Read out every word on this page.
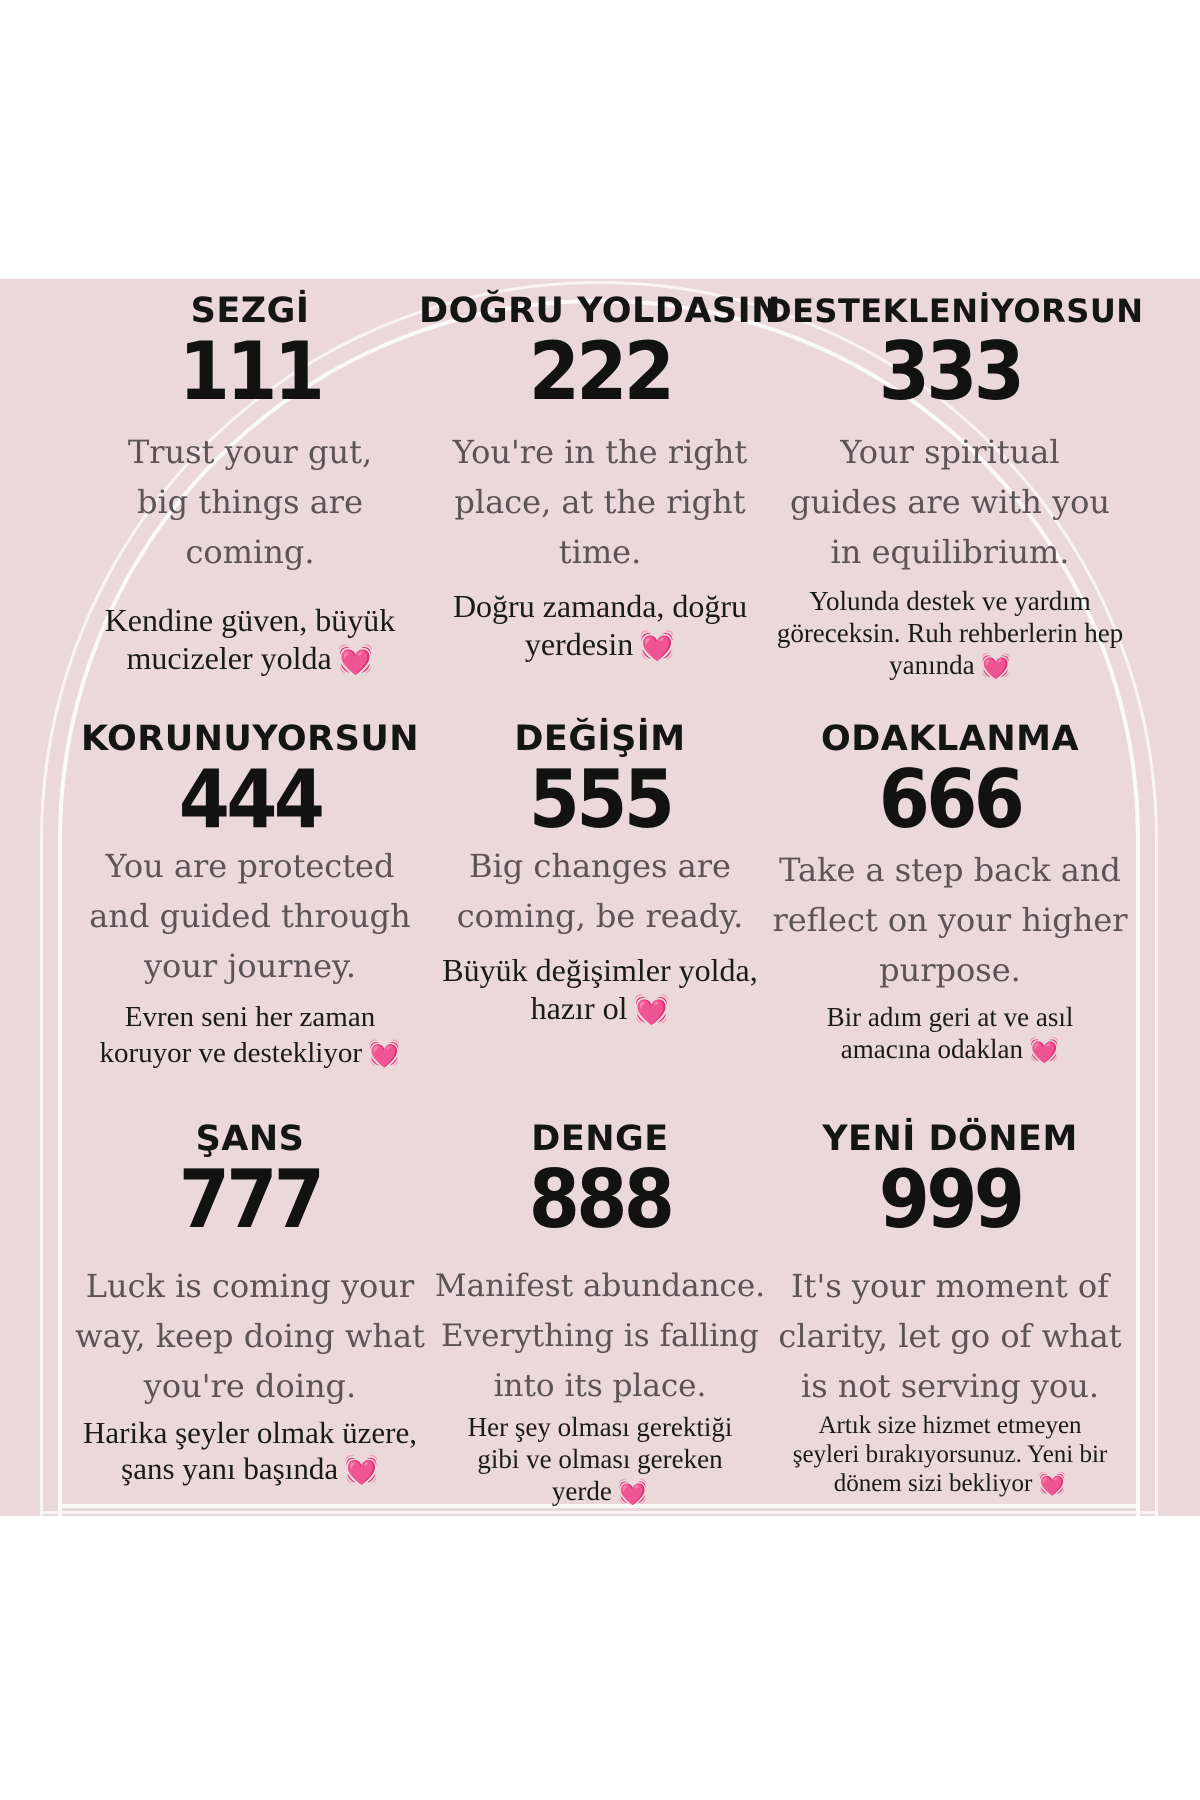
SEZGİ
111
Trust your gut, big things are coming.
Kendine güven, büyük mucizeler yolda 💓
DOĞRU YOLDASIN
222
You're in the right place, at the right time.
Doğru zamanda, doğru yerdesin 💓
DESTEKLENİYORSUN
333
Your spiritual guides are with you in equilibrium.
Yolunda destek ve yardım göreceksin. Ruh rehberlerin hep yanında 💓
KORUNUYORSUN
444
You are protected and guided through your journey.
Evren seni her zaman koruyor ve destekliyor 💓
DEĞİŞİM
555
Big changes are coming, be ready.
Büyük değişimler yolda, hazır ol 💓
ODAKLANMA
666
Take a step back and reflect on your higher purpose.
Bir adım geri at ve asıl amacına odaklan 💓
ŞANS
777
Luck is coming your way, keep doing what you're doing.
Harika şeyler olmak üzere, şans yanı başında 💓
DENGE
888
Manifest abundance. Everything is falling into its place.
Her şey olması gerektiği gibi ve olması gereken yerde 💓
YENİ DÖNEM
999
It's your moment of clarity, let go of what is not serving you.
Artık size hizmet etmeyen şeyleri bırakıyorsunuz. Yeni bir dönem sizi bekliyor 💓
